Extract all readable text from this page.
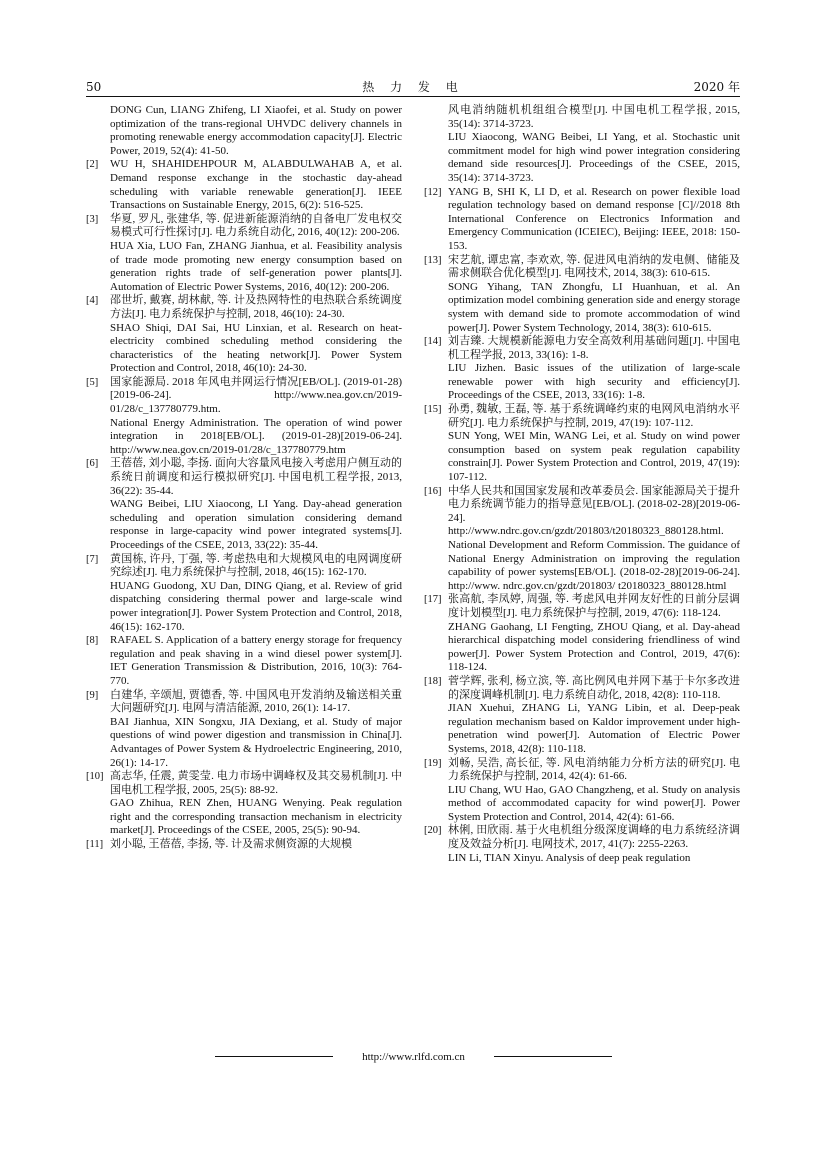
50	热 力 发 电	2020 年
DONG Cun, LIANG Zhifeng, LI Xiaofei, et al. Study on power optimization of the trans-regional UHVDC delivery channels in promoting renewable energy accommodation capacity[J]. Electric Power, 2019, 52(4): 41-50.
[2]	WU H, SHAHIDEHPOUR M, ALABDULWAHAB A, et al. Demand response exchange in the stochastic day-ahead scheduling with variable renewable generation[J]. IEEE Transactions on Sustainable Energy, 2015, 6(2): 516-525.
[3]	华夏, 罗凡, 张建华, 等. 促进新能源消纳的自备电厂发电权交易模式可行性探讨[J]. 电力系统自动化, 2016, 40(12): 200-206.
HUA Xia, LUO Fan, ZHANG Jianhua, et al. Feasibility analysis of trade mode promoting new energy consumption based on generation rights trade of self-generation power plants[J]. Automation of Electric Power Systems, 2016, 40(12): 200-206.
[4]	邵世圻, 戴赛, 胡林献, 等. 计及热网特性的电热联合系统调度方法[J]. 电力系统保护与控制, 2018, 46(10): 24-30.
SHAO Shiqi, DAI Sai, HU Linxian, et al. Research on heat-electricity combined scheduling method considering the characteristics of the heating network[J]. Power System Protection and Control, 2018, 46(10): 24-30.
[5]	国家能源局. 2018 年风电并网运行情况[EB/OL]. (2019-01-28)[2019-06-24]. http://www.nea.gov.cn/2019-01/28/c_137780779.htm.
National Energy Administration. The operation of wind power integration in 2018[EB/OL]. (2019-01-28)[2019-06-24]. http://www.nea.gov.cn/2019-01/28/c_137780779.htm
[6]	王蓓蓓, 刘小聪, 李扬. 面向大容量风电接入考虑用户侧互动的系统日前调度和运行模拟研究[J]. 中国电机工程学报, 2013, 36(22): 35-44.
WANG Beibei, LIU Xiaocong, LI Yang. Day-ahead generation scheduling and operation simulation considering demand response in large-capacity wind power integrated systems[J]. Proceedings of the CSEE, 2013, 33(22): 35-44.
[7]	黄国栋, 许丹, 丁强, 等. 考虑热电和大规模风电的电网调度研究综述[J]. 电力系统保护与控制, 2018, 46(15): 162-170.
HUANG Guodong, XU Dan, DING Qiang, et al. Review of grid dispatching considering thermal power and large-scale wind power integration[J]. Power System Protection and Control, 2018, 46(15): 162-170.
[8]	RAFAEL S. Application of a battery energy storage for frequency regulation and peak shaving in a wind diesel power system[J]. IET Generation Transmission & Distribution, 2016, 10(3): 764-770.
[9]	白建华, 辛颂旭, 贾德香, 等. 中国风电开发消纳及输送相关重大问题研究[J]. 电网与清洁能源, 2010, 26(1): 14-17.
BAI Jianhua, XIN Songxu, JIA Dexiang, et al. Study of major questions of wind power digestion and transmission in China[J]. Advantages of Power System & Hydroelectric Engineering, 2010, 26(1): 14-17.
[10] 高志华, 任震, 黄雯莹. 电力市场中调峰权及其交易机制[J]. 中国电机工程学报, 2005, 25(5): 88-92.
GAO Zhihua, REN Zhen, HUANG Wenying. Peak regulation right and the corresponding transaction mechanism in electricity market[J]. Proceedings of the CSEE, 2005, 25(5): 90-94.
[11] 刘小聪, 王蓓蓓, 李扬, 等. 计及需求侧资源的大规模
风电消纳随机机组组合模型[J]. 中国电机工程学报, 2015, 35(14): 3714-3723.
LIU Xiaocong, WANG Beibei, LI Yang, et al. Stochastic unit commitment model for high wind power integration considering demand side resources[J]. Proceedings of the CSEE, 2015, 35(14): 3714-3723.
[12] YANG B, SHI K, LI D, et al. Research on power flexible load regulation technology based on demand response [C]//2018 8th International Conference on Electronics Information and Emergency Communication (ICEIEC), Beijing: IEEE, 2018: 150-153.
[13] 宋艺航, 谭忠富, 李欢欢, 等. 促进风电消纳的发电侧、储能及需求侧联合优化模型[J]. 电网技术, 2014, 38(3): 610-615.
SONG Yihang, TAN Zhongfu, LI Huanhuan, et al. An optimization model combining generation side and energy storage system with demand side to promote accommodation of wind power[J]. Power System Technology, 2014, 38(3): 610-615.
[14] 刘吉臻. 大规模新能源电力安全高效利用基础问题[J]. 中国电机工程学报, 2013, 33(16): 1-8.
LIU Jizhen. Basic issues of the utilization of large-scale renewable power with high security and efficiency[J]. Proceedings of the CSEE, 2013, 33(16): 1-8.
[15] 孙勇, 魏敏, 王磊, 等. 基于系统调峰约束的电网风电消纳水平研究[J]. 电力系统保护与控制, 2019, 47(19): 107-112.
SUN Yong, WEI Min, WANG Lei, et al. Study on wind power consumption based on system peak regulation capability constrain[J]. Power System Protection and Control, 2019, 47(19): 107-112.
[16] 中华人民共和国国家发展和改革委员会. 国家能源局关于提升电力系统调节能力的指导意见[EB/OL]. (2018-02-28)[2019-06-24]. http://www.ndrc.gov.cn/gzdt/201803/t20180323_880128.html.
National Development and Reform Commission. The guidance of National Energy Administration on improving the regulation capability of power systems[EB/OL]. (2018-02-28)[2019-06-24]. http://www. ndrc.gov.cn/gzdt/201803/ t20180323_880128.html
[17] 张高航, 李凤婷, 周强, 等. 考虑风电并网友好性的日前分层调度计划模型[J]. 电力系统保护与控制, 2019, 47(6): 118-124.
ZHANG Gaohang, LI Fengting, ZHOU Qiang, et al. Day-ahead hierarchical dispatching model considering friendliness of wind power[J]. Power System Protection and Control, 2019, 47(6): 118-124.
[18] 菅学辉, 张利, 杨立滨, 等. 高比例风电并网下基于卡尔多改进的深度调峰机制[J]. 电力系统自动化, 2018, 42(8): 110-118.
JIAN Xuehui, ZHANG Li, YANG Libin, et al. Deep-peak regulation mechanism based on Kaldor improvement under high-penetration wind power[J]. Automation of Electric Power Systems, 2018, 42(8): 110-118.
[19] 刘畅, 吴浩, 高长征, 等. 风电消纳能力分析方法的研究[J]. 电力系统保护与控制, 2014, 42(4): 61-66.
LIU Chang, WU Hao, GAO Changzheng, et al. Study on analysis method of accommodated capacity for wind power[J]. Power System Protection and Control, 2014, 42(4): 61-66.
[20] 林俐, 田欣雨. 基于火电机组分级深度调峰的电力系统经济调度及效益分析[J]. 电网技术, 2017, 41(7): 2255-2263.
LIN Li, TIAN Xinyu. Analysis of deep peak regulation
http://www.rlfd.com.cn
